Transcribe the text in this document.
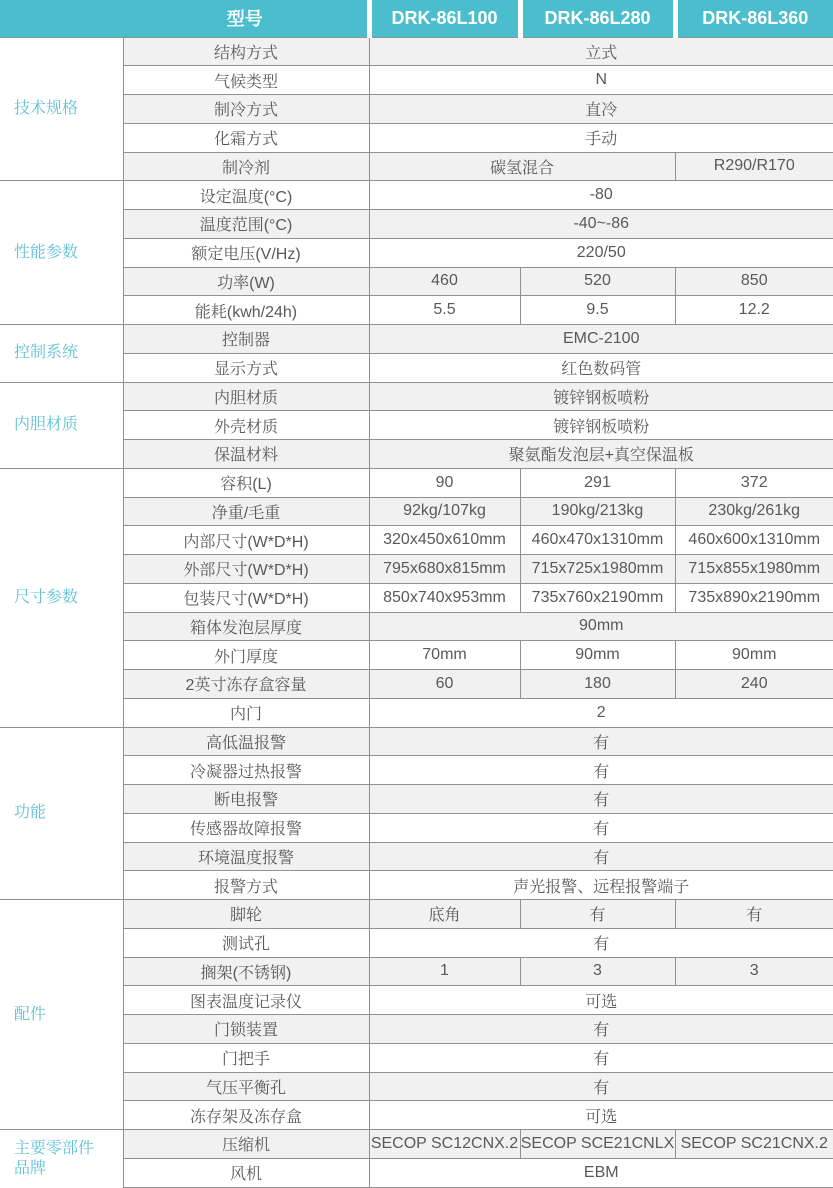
型号		DRK-86L100	DRK-86L280	DRK-86L360
技术规格	结构方式	立式		
	气候类型	N		
	制冷方式	直冷		
	化霜方式	手动		
	制冷剂	碳氢混合		R290/R170
性能参数	设定温度(°C)	-80		
	温度范围(°C)	-40~-86		
	额定电压(V/Hz)	220/50		
	功率(W)	460	520	850
	能耗(kwh/24h)	5.5	9.5	12.2
控制系统	控制器	EMC-2100		
	显示方式	红色数码管		
内胆材质	内胆材质	镀锌钢板喷粉		
	外壳材质	镀锌钢板喷粉		
	保温材料	聚氨酯发泡层+真空保温板		
尺寸参数	容积(L)	90	291	372
	净重/毛重	92kg/107kg	190kg/213kg	230kg/261kg
	内部尺寸(W*D*H)	320x450x610mm	460x470x1310mm	460x600x1310mm
	外部尺寸(W*D*H)	795x680x815mm	715x725x1980mm	715x855x1980mm
	包装尺寸(W*D*H)	850x740x953mm	735x760x2190mm	735x890x2190mm
	箱体发泡层厚度	90mm		
	外门厚度	70mm	90mm	90mm
	2英寸冻存盒容量	60	180	240
	内门	2		
功能	高低温报警	有		
	冷凝器过热报警	有		
	断电报警	有		
	传感器故障报警	有		
	环境温度报警	有		
	报警方式	声光报警、远程报警端子		
配件	脚轮	底角	有	有
	测试孔	有		
	搁架(不锈钢)	1	3	3
	图表温度记录仪	可选		
	门锁装置	有		
	门把手	有		
	气压平衡孔	有		
	冻存架及冻存盒	可选		
主要零部件品牌	压缩机	SECOP SC12CNX.2	SECOP SCE21CNLX	SECOP SC21CNX.2
	风机	EBM		
